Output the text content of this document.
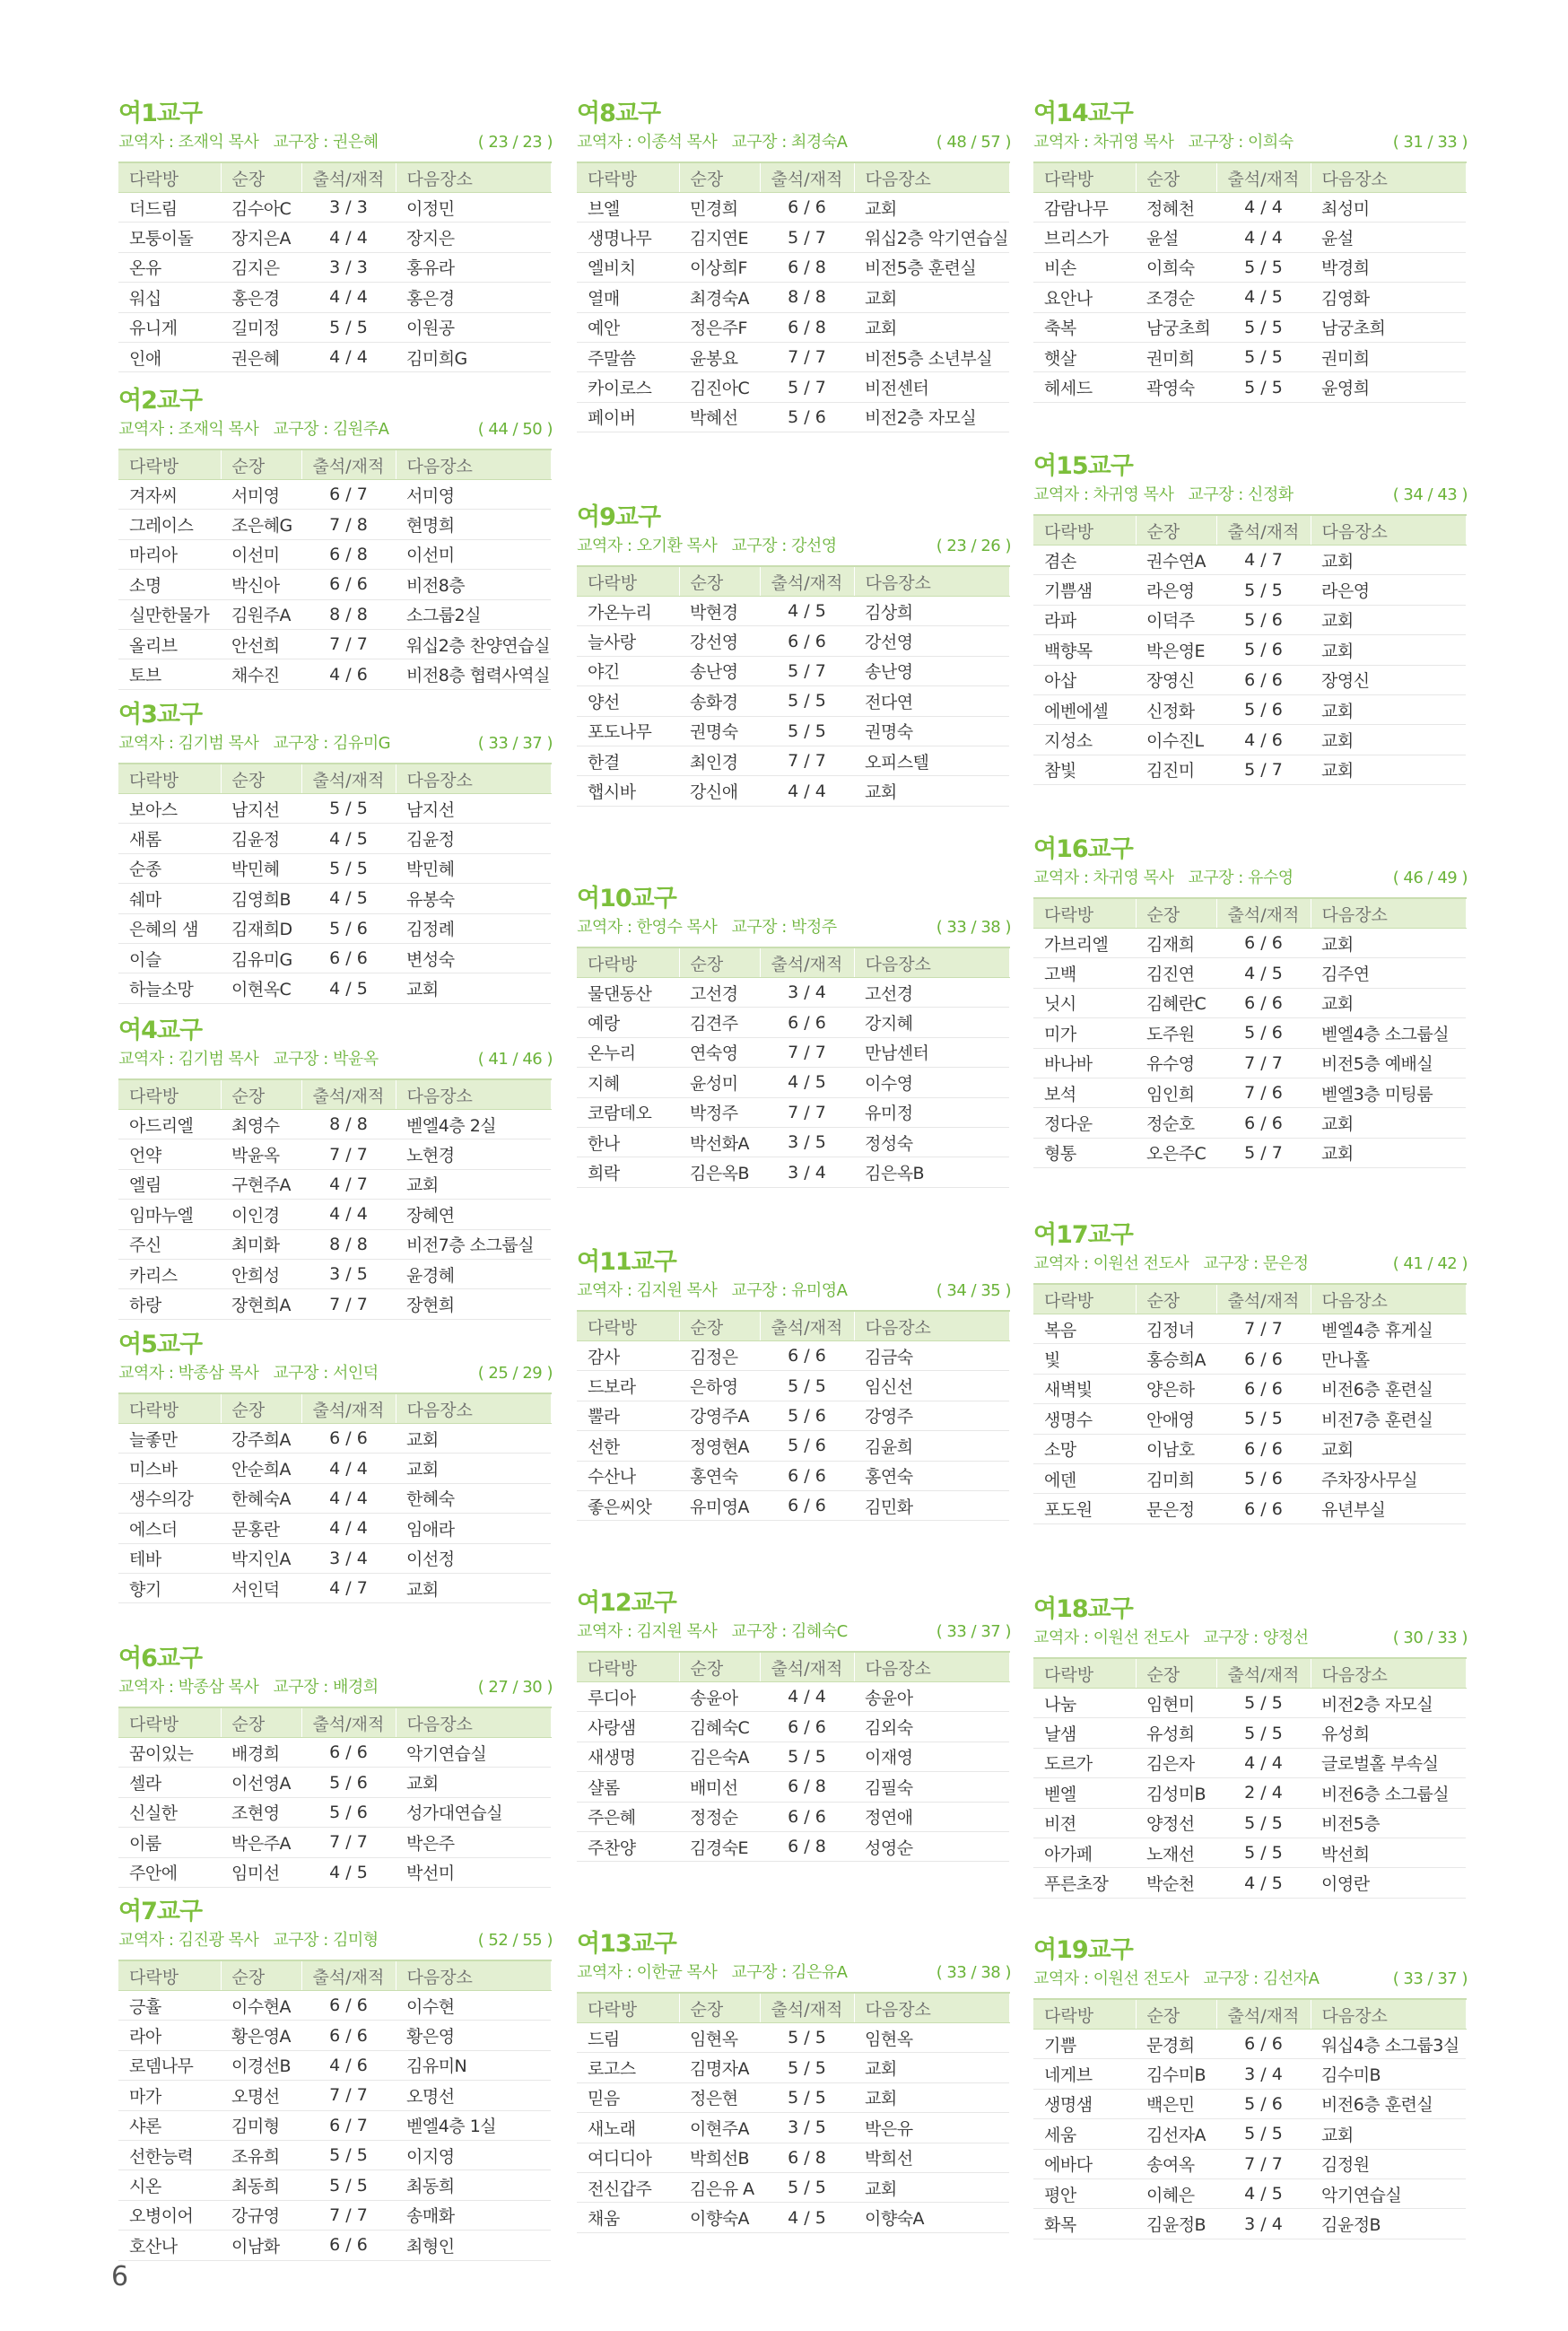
여1교구
교역자 : 조재익 목사 교구장 : 권은혜	( 23 / 23 )
다락방	순장	출석/재적	다음장소
더드림	김수아C	3 / 3	이정민
모퉁이돌	장지은A	4 / 4	장지은
온유	김지은	3 / 3	홍유라
워십	홍은경	4 / 4	홍은경
유니게	길미정	5 / 5	이원공
인애	권은혜	4 / 4	김미희G
여2교구
교역자 : 조재익 목사 교구장 : 김원주A	( 44 / 50 )
다락방	순장	출석/재적	다음장소
겨자씨	서미영	6 / 7	서미영
그레이스	조은혜G	7 / 8	현명희
마리아	이선미	6 / 8	이선미
소명	박신아	6 / 6	비전8층
실만한물가	김원주A	8 / 8	소그룹2실
올리브	안선희	7 / 7	워십2층 찬양연습실
토브	채수진	4 / 6	비전8층 협력사역실
여3교구
교역자 : 김기범 목사 교구장 : 김유미G	( 33 / 37 )
다락방	순장	출석/재적	다음장소
보아스	남지선	5 / 5	남지선
새롬	김윤정	4 / 5	김윤정
순종	박민혜	5 / 5	박민혜
쉐마	김영희B	4 / 5	유봉숙
은혜의 샘	김재희D	5 / 6	김정례
이슬	김유미G	6 / 6	변성숙
하늘소망	이현옥C	4 / 5	교회
여4교구
교역자 : 김기범 목사 교구장 : 박윤옥	( 41 / 46 )
다락방	순장	출석/재적	다음장소
아드리엘	최영수	8 / 8	벧엘4층 2실
언약	박윤옥	7 / 7	노현경
엘림	구현주A	4 / 7	교회
임마누엘	이인경	4 / 4	장혜연
주신	최미화	8 / 8	비전7층 소그룹실
카리스	안희성	3 / 5	윤경혜
하랑	장현희A	7 / 7	장현희
여5교구
교역자 : 박종삼 목사 교구장 : 서인덕	( 25 / 29 )
다락방	순장	출석/재적	다음장소
늘좋만	강주희A	6 / 6	교회
미스바	안순희A	4 / 4	교회
생수의강	한혜숙A	4 / 4	한혜숙
에스더	문홍란	4 / 4	임애라
테바	박지인A	3 / 4	이선정
향기	서인덕	4 / 7	교회
여6교구
교역자 : 박종삼 목사 교구장 : 배경희	( 27 / 30 )
다락방	순장	출석/재적	다음장소
꿈이있는	배경희	6 / 6	악기연습실
셀라	이선영A	5 / 6	교회
신실한	조현영	5 / 6	성가대연습실
이룸	박은주A	7 / 7	박은주
주안에	임미선	4 / 5	박선미
여7교구
교역자 : 김진광 목사 교구장 : 김미형	( 52 / 55 )
다락방	순장	출석/재적	다음장소
긍휼	이수현A	6 / 6	이수현
라아	황은영A	6 / 6	황은영
로뎀나무	이경선B	4 / 6	김유미N
마가	오명선	7 / 7	오명선
샤론	김미형	6 / 7	벧엘4층 1실
선한능력	조유희	5 / 5	이지영
시온	최동희	5 / 5	최동희
오병이어	강규영	7 / 7	송매화
호산나	이남화	6 / 6	최형인
여8교구
교역자 : 이종석 목사 교구장 : 최경숙A	( 48 / 57 )
다락방	순장	출석/재적	다음장소
브엘	민경희	6 / 6	교회
생명나무	김지연E	5 / 7	워십2층 악기연습실
엘비치	이상희F	6 / 8	비전5층 훈련실
열매	최경숙A	8 / 8	교회
예안	정은주F	6 / 8	교회
주말씀	윤봉요	7 / 7	비전5층 소년부실
카이로스	김진아C	5 / 7	비전센터
페이버	박혜선	5 / 6	비전2층 자모실
여9교구
교역자 : 오기환 목사 교구장 : 강선영	( 23 / 26 )
다락방	순장	출석/재적	다음장소
가온누리	박현경	4 / 5	김상희
늘사랑	강선영	6 / 6	강선영
야긴	송난영	5 / 7	송난영
양선	송화경	5 / 5	전다연
포도나무	권명숙	5 / 5	권명숙
한결	최인경	7 / 7	오피스텔
햅시바	강신애	4 / 4	교회
여10교구
교역자 : 한영수 목사 교구장 : 박정주	( 33 / 38 )
다락방	순장	출석/재적	다음장소
물댄동산	고선경	3 / 4	고선경
예랑	김견주	6 / 6	강지혜
온누리	연숙영	7 / 7	만남센터
지혜	윤성미	4 / 5	이수영
코람데오	박정주	7 / 7	유미정
한나	박선화A	3 / 5	정성숙
희락	김은옥B	3 / 4	김은옥B
여11교구
교역자 : 김지원 목사 교구장 : 유미영A	( 34 / 35 )
다락방	순장	출석/재적	다음장소
감사	김정은	6 / 6	김금숙
드보라	은하영	5 / 5	임신선
뿔라	강영주A	5 / 6	강영주
선한	정영현A	5 / 6	김윤희
수산나	홍연숙	6 / 6	홍연숙
좋은씨앗	유미영A	6 / 6	김민화
여12교구
교역자 : 김지원 목사 교구장 : 김혜숙C	( 33 / 37 )
다락방	순장	출석/재적	다음장소
루디아	송윤아	4 / 4	송윤아
사랑샘	김혜숙C	6 / 6	김외숙
새생명	김은숙A	5 / 5	이재영
샬롬	배미선	6 / 8	김필숙
주은혜	정정순	6 / 6	정연애
주찬양	김경숙E	6 / 8	성영순
여13교구
교역자 : 이한균 목사 교구장 : 김은유A	( 33 / 38 )
다락방	순장	출석/재적	다음장소
드림	임현옥	5 / 5	임현옥
로고스	김명자A	5 / 5	교회
믿음	정은현	5 / 5	교회
새노래	이현주A	3 / 5	박은유
여디디아	박희선B	6 / 8	박희선
전신갑주	김은유 A	5 / 5	교회
채움	이향숙A	4 / 5	이향숙A
여14교구
교역자 : 차귀영 목사 교구장 : 이희숙	( 31 / 33 )
다락방	순장	출석/재적	다음장소
감람나무	정혜천	4 / 4	최성미
브리스가	윤설	4 / 4	윤설
비손	이희숙	5 / 5	박경희
요안나	조경순	4 / 5	김영화
축복	남궁초희	5 / 5	남궁초희
햇살	권미희	5 / 5	권미희
헤세드	곽영숙	5 / 5	윤영희
여15교구
교역자 : 차귀영 목사 교구장 : 신정화	( 34 / 43 )
다락방	순장	출석/재적	다음장소
겸손	권수연A	4 / 7	교회
기쁨샘	라은영	5 / 5	라은영
라파	이덕주	5 / 6	교회
백향목	박은영E	5 / 6	교회
아삽	장영신	6 / 6	장영신
에벤에셀	신정화	5 / 6	교회
지성소	이수진L	4 / 6	교회
참빛	김진미	5 / 7	교회
여16교구
교역자 : 차귀영 목사 교구장 : 유수영	( 46 / 49 )
다락방	순장	출석/재적	다음장소
가브리엘	김재희	6 / 6	교회
고백	김진연	4 / 5	김주연
닛시	김혜란C	6 / 6	교회
미가	도주원	5 / 6	벧엘4층 소그룹실
바나바	유수영	7 / 7	비전5층 예배실
보석	임인희	7 / 6	벧엘3층 미팅룸
정다운	정순호	6 / 6	교회
형통	오은주C	5 / 7	교회
여17교구
교역자 : 이원선 전도사 교구장 : 문은정	( 41 / 42 )
다락방	순장	출석/재적	다음장소
복음	김정녀	7 / 7	벧엘4층 휴게실
빛	홍승희A	6 / 6	만나홀
새벽빛	양은하	6 / 6	비전6층 훈련실
생명수	안애영	5 / 5	비전7층 훈련실
소망	이남호	6 / 6	교회
에덴	김미희	5 / 6	주차장사무실
포도원	문은정	6 / 6	유년부실
여18교구
교역자 : 이원선 전도사 교구장 : 양정선	( 30 / 33 )
다락방	순장	출석/재적	다음장소
나눔	임현미	5 / 5	비전2층 자모실
날샘	유성희	5 / 5	유성희
도르가	김은자	4 / 4	글로벌홀 부속실
벧엘	김성미B	2 / 4	비전6층 소그룹실
비젼	양정선	5 / 5	비전5층
아가페	노재선	5 / 5	박선희
푸른초장	박순천	4 / 5	이영란
여19교구
교역자 : 이원선 전도사 교구장 : 김선자A	( 33 / 37 )
다락방	순장	출석/재적	다음장소
기쁨	문경희	6 / 6	워십4층 소그룹3실
네게브	김수미B	3 / 4	김수미B
생명샘	백은민	5 / 6	비전6층 훈련실
세움	김선자A	5 / 5	교회
에바다	송여옥	7 / 7	김정원
평안	이혜은	4 / 5	악기연습실
화목	김윤정B	3 / 4	김윤정B
6
